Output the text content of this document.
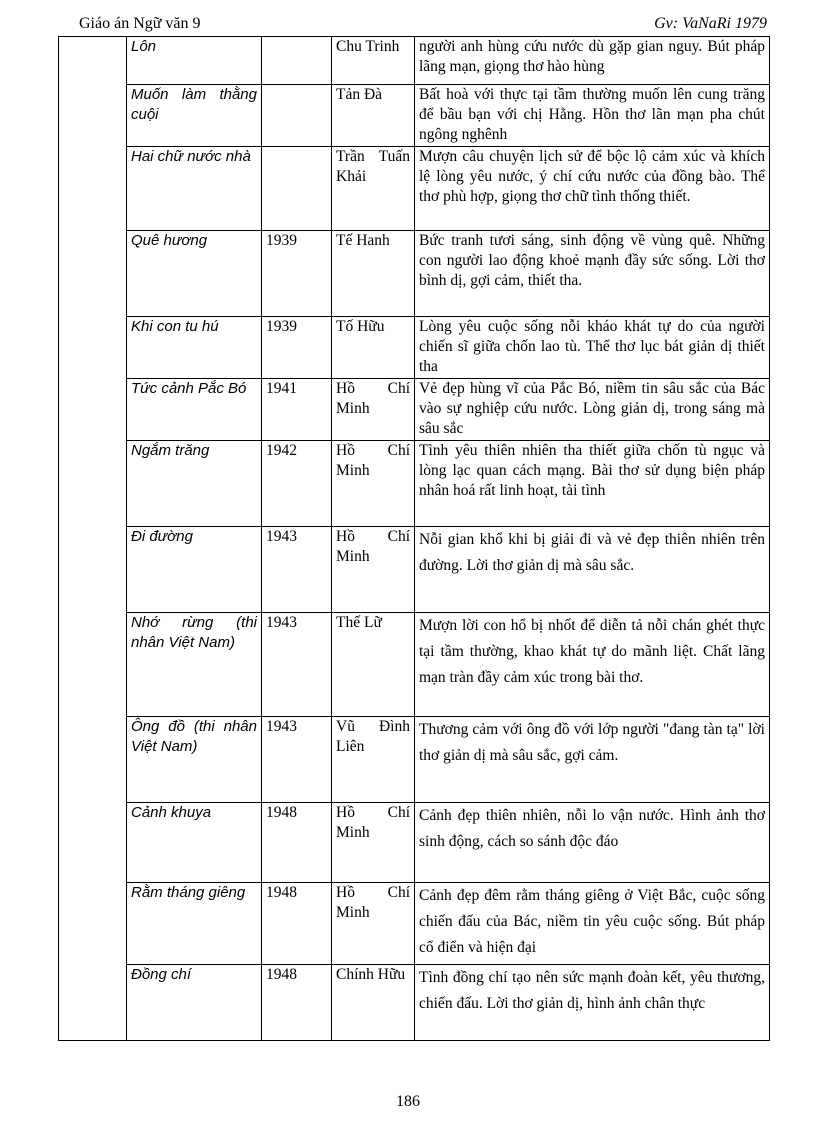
Giáo án Ngữ văn 9	Gv: VaNaRi 1979
	Lôn		Chu Trinh	người anh hùng cứu nước dù gặp gian nguy. Bút pháp lãng mạn, giọng thơ hào hùng
	Muốn làm thằng cuội		Tản Đà	Bất hoà với thực tại tầm thường muốn lên cung trăng để bầu bạn với chị Hằng. Hồn thơ lãn mạn pha chút ngông nghênh
	Hai chữ nước nhà		Trần Tuấn Khải	Mượn câu chuyện lịch sử để bộc lộ cảm xúc và khích lệ lòng yêu nước, ý chí cứu nước của đồng bào. Thể thơ phù hợp, giọng thơ chữ tình thống thiết.
	Quê hương	1939	Tế Hanh	Bức tranh tươi sáng, sinh động về vùng quê. Những con người lao động khoẻ mạnh đầy sức sống. Lời thơ bình dị, gợi cảm, thiết tha.
	Khi con tu hú	1939	Tố Hữu	Lòng yêu cuộc sống nỗi kháo khát tự do của người chiến sĩ giữa chốn lao tù. Thể thơ lục bát giản dị thiết tha
	Tức cảnh Pắc Bó	1941	Hồ Chí Minh	Vẻ đẹp hùng vĩ của Pắc Bó, niềm tin sâu sắc của Bác vào sự nghiệp cứu nước. Lòng giản dị, trong sáng mà sâu sắc
	Ngắm trăng	1942	Hồ Chí Minh	Tình yêu thiên nhiên tha thiết giữa chốn tù ngục và lòng lạc quan cách mạng. Bài thơ sử dụng biện pháp nhân hoá rất linh hoạt, tài tình
	Đi đường	1943	Hồ Chí Minh	Nỗi gian khổ khi bị giải đi và vẻ đẹp thiên nhiên trên đường. Lời thơ giản dị mà sâu sắc.
	Nhớ rừng (thi nhân Việt Nam)	1943	Thế Lữ	Mượn lời con hổ bị nhốt để diễn tả nỗi chán ghét thực tại tầm thường, khao khát tự do mãnh liệt. Chất lãng mạn tràn đầy cảm xúc trong bài thơ.
	Ông đồ (thi nhân Việt Nam)	1943	Vũ Đình Liên	Thương cảm với ông đồ với lớp người "đang tàn tạ" lời thơ giản dị mà sâu sắc, gợi cảm.
	Cảnh khuya	1948	Hồ Chí Minh	Cảnh đẹp thiên nhiên, nỗi lo vận nước. Hình ảnh thơ sinh động, cách so sánh độc đáo
	Rằm tháng giêng	1948	Hồ Chí Minh	Cảnh đẹp đêm rằm tháng giêng ở Việt Bắc, cuộc sống chiến đấu của Bác, niềm tin yêu cuộc sống. Bút pháp cổ điển và hiện đại
	Đồng chí	1948	Chính Hữu	Tình đồng chí tạo nên sức mạnh đoàn kết, yêu thương, chiến đấu. Lời thơ giản dị, hình ảnh chân thực
186
